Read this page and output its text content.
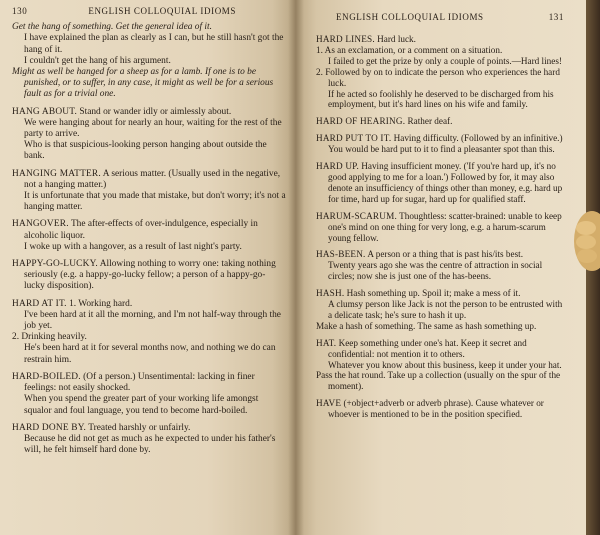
130	ENGLISH COLLOQUIAL IDIOMS
Get the hang of something. Get the general idea of it.
I have explained the plan as clearly as I can, but he still hasn't got the hang of it.
I couldn't get the hang of his argument.
Might as well be hanged for a sheep as for a lamb. If one is to be punished, or to suffer, in any case, it might as well be for a serious fault as for a trivial one.
HANG ABOUT. Stand or wander idly or aimlessly about.
We were hanging about for nearly an hour, waiting for the rest of the party to arrive.
Who is that suspicious-looking person hanging about outside the bank.
HANGING MATTER. A serious matter. (Usually used in the negative, not a hanging matter.)
It is unfortunate that you made that mistake, but don't worry; it's not a hanging matter.
HANGOVER. The after-effects of over-indulgence, especially in alcoholic liquor.
I woke up with a hangover, as a result of last night's party.
HAPPY-GO-LUCKY. Allowing nothing to worry one: taking nothing seriously (e.g. a happy-go-lucky fellow; a person of a happy-go-lucky disposition).
HARD AT IT. 1. Working hard.
I've been hard at it all the morning, and I'm not half-way through the job yet.
2. Drinking heavily.
He's been hard at it for several months now, and nothing we do can restrain him.
HARD-BOILED. (Of a person.) Unsentimental: lacking in finer feelings: not easily shocked.
When you spend the greater part of your working life amongst squalor and foul language, you tend to become hard-boiled.
HARD DONE BY. Treated harshly or unfairly.
Because he did not get as much as he expected to under his father's will, he felt himself hard done by.
ENGLISH COLLOQUIAL IDIOMS	131
HARD LINES. Hard luck.
1. As an exclamation, or a comment on a situation.
I failed to get the prize by only a couple of points.—Hard lines!
2. Followed by on to indicate the person who experiences the hard luck.
If he acted so foolishly he deserved to be discharged from his employment, but it's hard lines on his wife and family.
HARD OF HEARING. Rather deaf.
HARD PUT TO IT. Having difficulty. (Followed by an infinitive.)
You would be hard put to it to find a pleasanter spot than this.
HARD UP. Having insufficient money. ('If you're hard up, it's no good applying to me for a loan.') Followed by for, it may also denote an insufficiency of things other than money, e.g. hard up for time, hard up for sugar, hard up for qualified staff.
HARUM-SCARUM. Thoughtless: scatter-brained: unable to keep one's mind on one thing for very long, e.g. a harum-scarum young fellow.
HAS-BEEN. A person or a thing that is past his/its best.
Twenty years ago she was the centre of attraction in social circles; now she is just one of the has-beens.
HASH. Hash something up. Spoil it; make a mess of it.
A clumsy person like Jack is not the person to be entrusted with a delicate task; he's sure to hash it up.
Make a hash of something. The same as hash something up.
HAT. Keep something under one's hat. Keep it secret and confidential: not mention it to others.
Whatever you know about this business, keep it under your hat.
Pass the hat round. Take up a collection (usually on the spur of the moment).
HAVE (+object+adverb or adverb phrase). Cause whatever or whoever is mentioned to be in the position specified.
